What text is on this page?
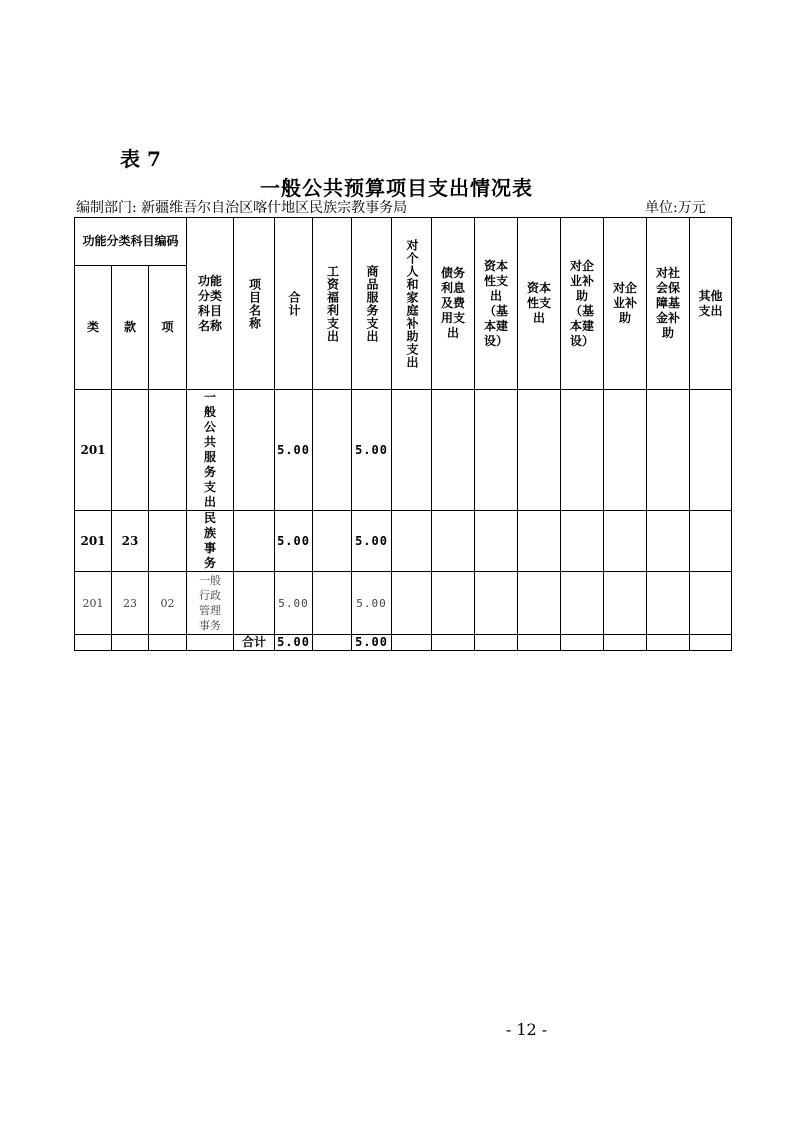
表 7
一般公共预算项目支出情况表
编制部门: 新疆维吾尔自治区喀什地区民族宗教事务局	单位:万元
功能分类科目编码			功能分类科目名称	项目名称	合计	工资福利支出	商品服务支出	对个人和家庭补助支出	债务利息及费用支出	资本性支出（基本建设）	资本性支出	对企业补助（基本建设）	对企业补助	对社会保障基金补助	其他支出
类	款	项													
201			一般公共服务支出		5.00		5.00								
201	23		民族事务		5.00		5.00								
201	23	02	一般行政管理事务		5.00		5.00								
				合计	5.00		5.00								
- 12 -
